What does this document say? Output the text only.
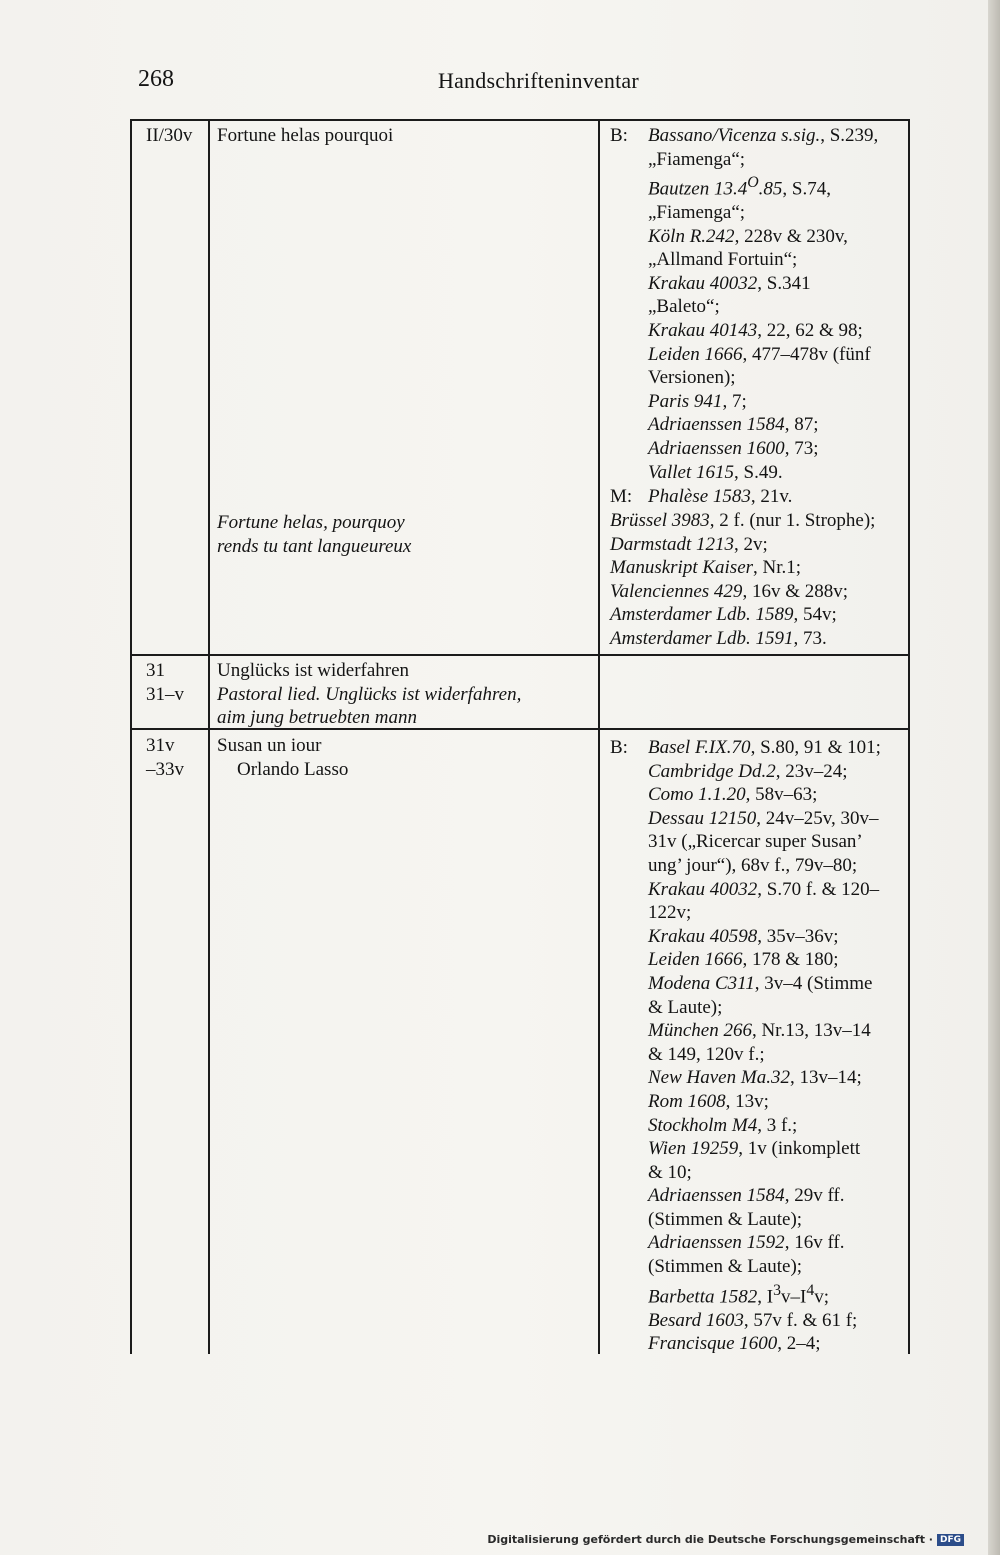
268	Handschrifteninventar
II/30v Fortune helas pourquoi
Fortune helas, pourquoy
rends tu tant langueureux
B: Bassano/Vicenza s.sig., S.239,
„Fiamenga“;
Bautzen $13.4^O.85$, S.74,
„Fiamenga“;
Köln R.242, 228v & 230v,
„Allmand Fortuin“;
Krakau 40032, S.341
„Baleto“;
Krakau 40143, 22, 62 & 98;
Leiden 1666, 477–478v (fünf
Versionen);
Paris 941, 7;
Adriaenssen 1584, 87;
Adriaenssen 1600, 73;
Vallet 1615, S.49.
M: Phalèse 1583, 21v.
Brüssel 3983, 2 f. (nur 1. Strophe);
Darmstadt 1213, 2v;
Manuskript Kaiser, Nr.1;
Valenciennes 429, 16v & 288v;
Amsterdamer Ldb. 1589, 54v;
Amsterdamer Ldb. 1591, 73.
31
31–v
Unglücks ist widerfahren
Pastoral lied. Unglücks ist widerfahren,
aim jung betruebten mann
31v
–33v
Susan un iour
Orlando Lasso
B: Basel F.IX.70, S.80, 91 & 101;
Cambridge Dd.2, 23v–24;
Como 1.1.20, 58v–63;
Dessau 12150, 24v–25v, 30v–
31v („Ricercar super Susan’
ung’ jour“), 68v f., 79v–80;
Krakau 40032, S.70 f. & 120–
122v;
Krakau 40598, 35v–36v;
Leiden 1666, 178 & 180;
Modena C311, 3v–4 (Stimme
& Laute);
München 266, Nr.13, 13v–14
& 149, 120v f.;
New Haven Ma.32, 13v–14;
Rom 1608, 13v;
Stockholm M4, 3 f.;
Wien 19259, 1v (inkomplett
& 10;
Adriaenssen 1584, 29v ff.
(Stimmen & Laute);
Adriaenssen 1592, 16v ff.
(Stimmen & Laute);
Barbetta 1582, $I^3v-I^4v$;
Besard 1603, 57v f. & 61 f;
Francisque 1600, 2–4;
Digitalisierung gefördert durch die Deutsche Forschungsgemeinschaft · DFG
